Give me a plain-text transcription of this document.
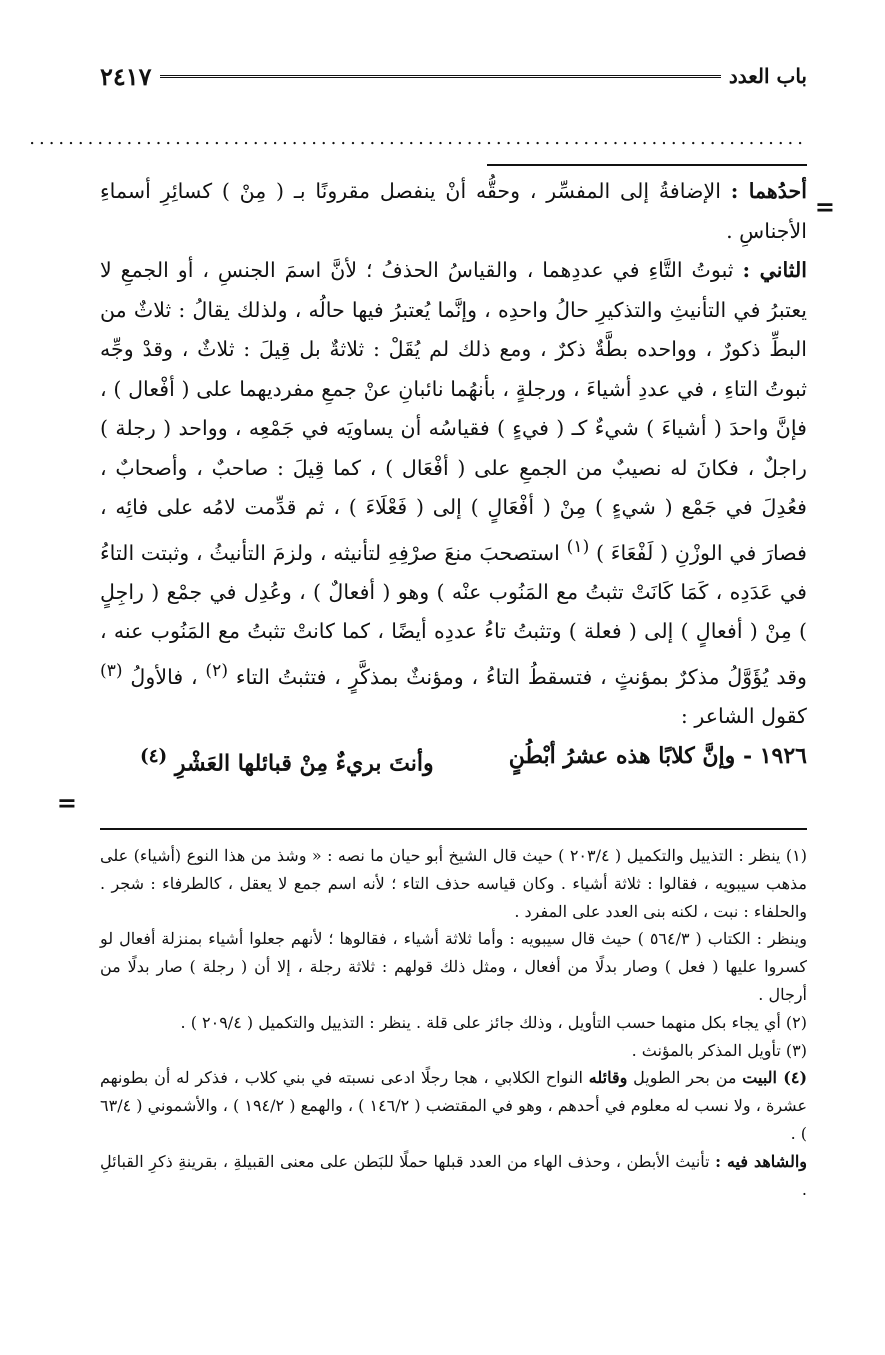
باب العدد
٢٤١٧
................................................................................
=
=

أحدُهما : الإضافةُ إلى المفسِّر ، وحقُّه أنْ ينفصل مقرونًا بـ ( مِنْ ) كسائِرِ أسماءِ الأجناسِ .

الثاني : ثبوتُ التَّاءِ في عددِهما ، والقياسُ الحذفُ ؛ لأنَّ اسمَ الجنسِ ، أو الجمعِ لا يعتبرُ في التأنيثِ والتذكيرِ حالُ واحدِه ، وإنَّما يُعتبرُ فيها حالُه ، ولذلك يقالُ : ثلاثٌ من البطِّ ذكورٌ ، وواحده بطَّةٌ ذكرٌ ، ومع ذلك لم يُقَلْ : ثلاثةٌ بل قِيلَ : ثلاثٌ ، وقدْ وجِّه ثبوتُ التاءِ ، في عددِ أشياءَ ، ورجلةٍ ، بأنهُما نائبانِ عنْ جمعِ مفرديهما على ( أفْعال ) ، فإنَّ واحدَ ( أشياءَ ) شيءٌ كـ ( فيءٍ ) فقياسُه أن يساويَه في جَمْعِه ، وواحد ( رجلة ) راجلٌ ، فكانَ له نصيبٌ من الجمعِ على ( أفْعَال ) ، كما قِيلَ : صاحبٌ ، وأصحابٌ ، فعُدِلَ في جَمْع ( شيءٍ ) مِنْ ( أفْعَالٍ ) إلى ( فَعْلَاءَ ) ، ثم قدِّمت لامُه على فائِه ، فصارَ في الوزْنِ ( لَفْعَاءَ ) $^{(١)}$ استصحبَ منعَ صرْفِهِ لتأنيثه ، ولزمَ التأنيثُ ، وثبتت التاءُ في عَدَدِه ، كَمَا كَانَتْ تثبتُ مع المَنُوب عنْه ) وهو ( أفعالٌ ) ، وعُدِل في جمْع ( راجِلٍ ) مِنْ ( أفعالٍ ) إلى ( فعلة ) وتثبتُ تاءُ عددِه أيضًا ، كما كانتْ تثبتُ مع المَنُوب عنه ، وقد يُؤَوَّلُ مذكرٌ بمؤنثٍ ، فتسقطُ التاءُ ، ومؤنثٌ بمذكَّرٍ ، فتثبتُ التاء $^{(٢)}$ ، فالأولُ $^{(٣)}$ كقول الشاعر :

١٩٢٦ - وإنَّ كلابًا هذه عشرُ أبْطُنٍ
وأنتَ بريءٌ مِنْ قبائلها العَشْرِ $^{(٤)}$

(١) ينظر : التذييل والتكميل ( ٢٠٣/٤ ) حيث قال الشيخ أبو حيان ما نصه : « وشذ من هذا النوع (أشياء) على مذهب سيبويه ، فقالوا : ثلاثة أشياء . وكان قياسه حذف التاء ؛ لأنه اسم جمع لا يعقل ، كالطرفاء : شجر . والحلفاء : نبت ، لكنه بنى العدد على المفرد .

وينظر : الكتاب ( ٥٦٤/٣ ) حيث قال سيبويه : وأما ثلاثة أشياء ، فقالوها ؛ لأنهم جعلوا أشياء بمنزلة أفعال لو كسروا عليها ( فعل ) وصار بدلًا من أفعال ، ومثل ذلك قولهم : ثلاثة رجلة ، إلا أن ( رجلة ) صار بدلًا من أرجال .

(٢) أي يجاء بكل منهما حسب التأويل ، وذلك جائز على قلة . ينظر : التذييل والتكميل ( ٢٠٩/٤ ) .

(٣) تأويل المذكر بالمؤنث .

(٤) البيت من بحر الطويل وقائله النواح الكلابي ، هجا رجلًا ادعى نسبته في بني كلاب ، فذكر له أن بطونهم عشرة ، ولا نسب له معلوم في أحدهم ، وهو في المقتضب ( ١٤٦/٢ ) ، والهمع ( ١٩٤/٢ ) ، والأشموني ( ٦٣/٤ ) .

والشاهد فيه : تأنيث الأبطن ، وحذف الهاء من العدد قبلها حملًا للبَطن على معنى القبيلةِ ، بقرينةِ ذكرِ القبائلِ .
